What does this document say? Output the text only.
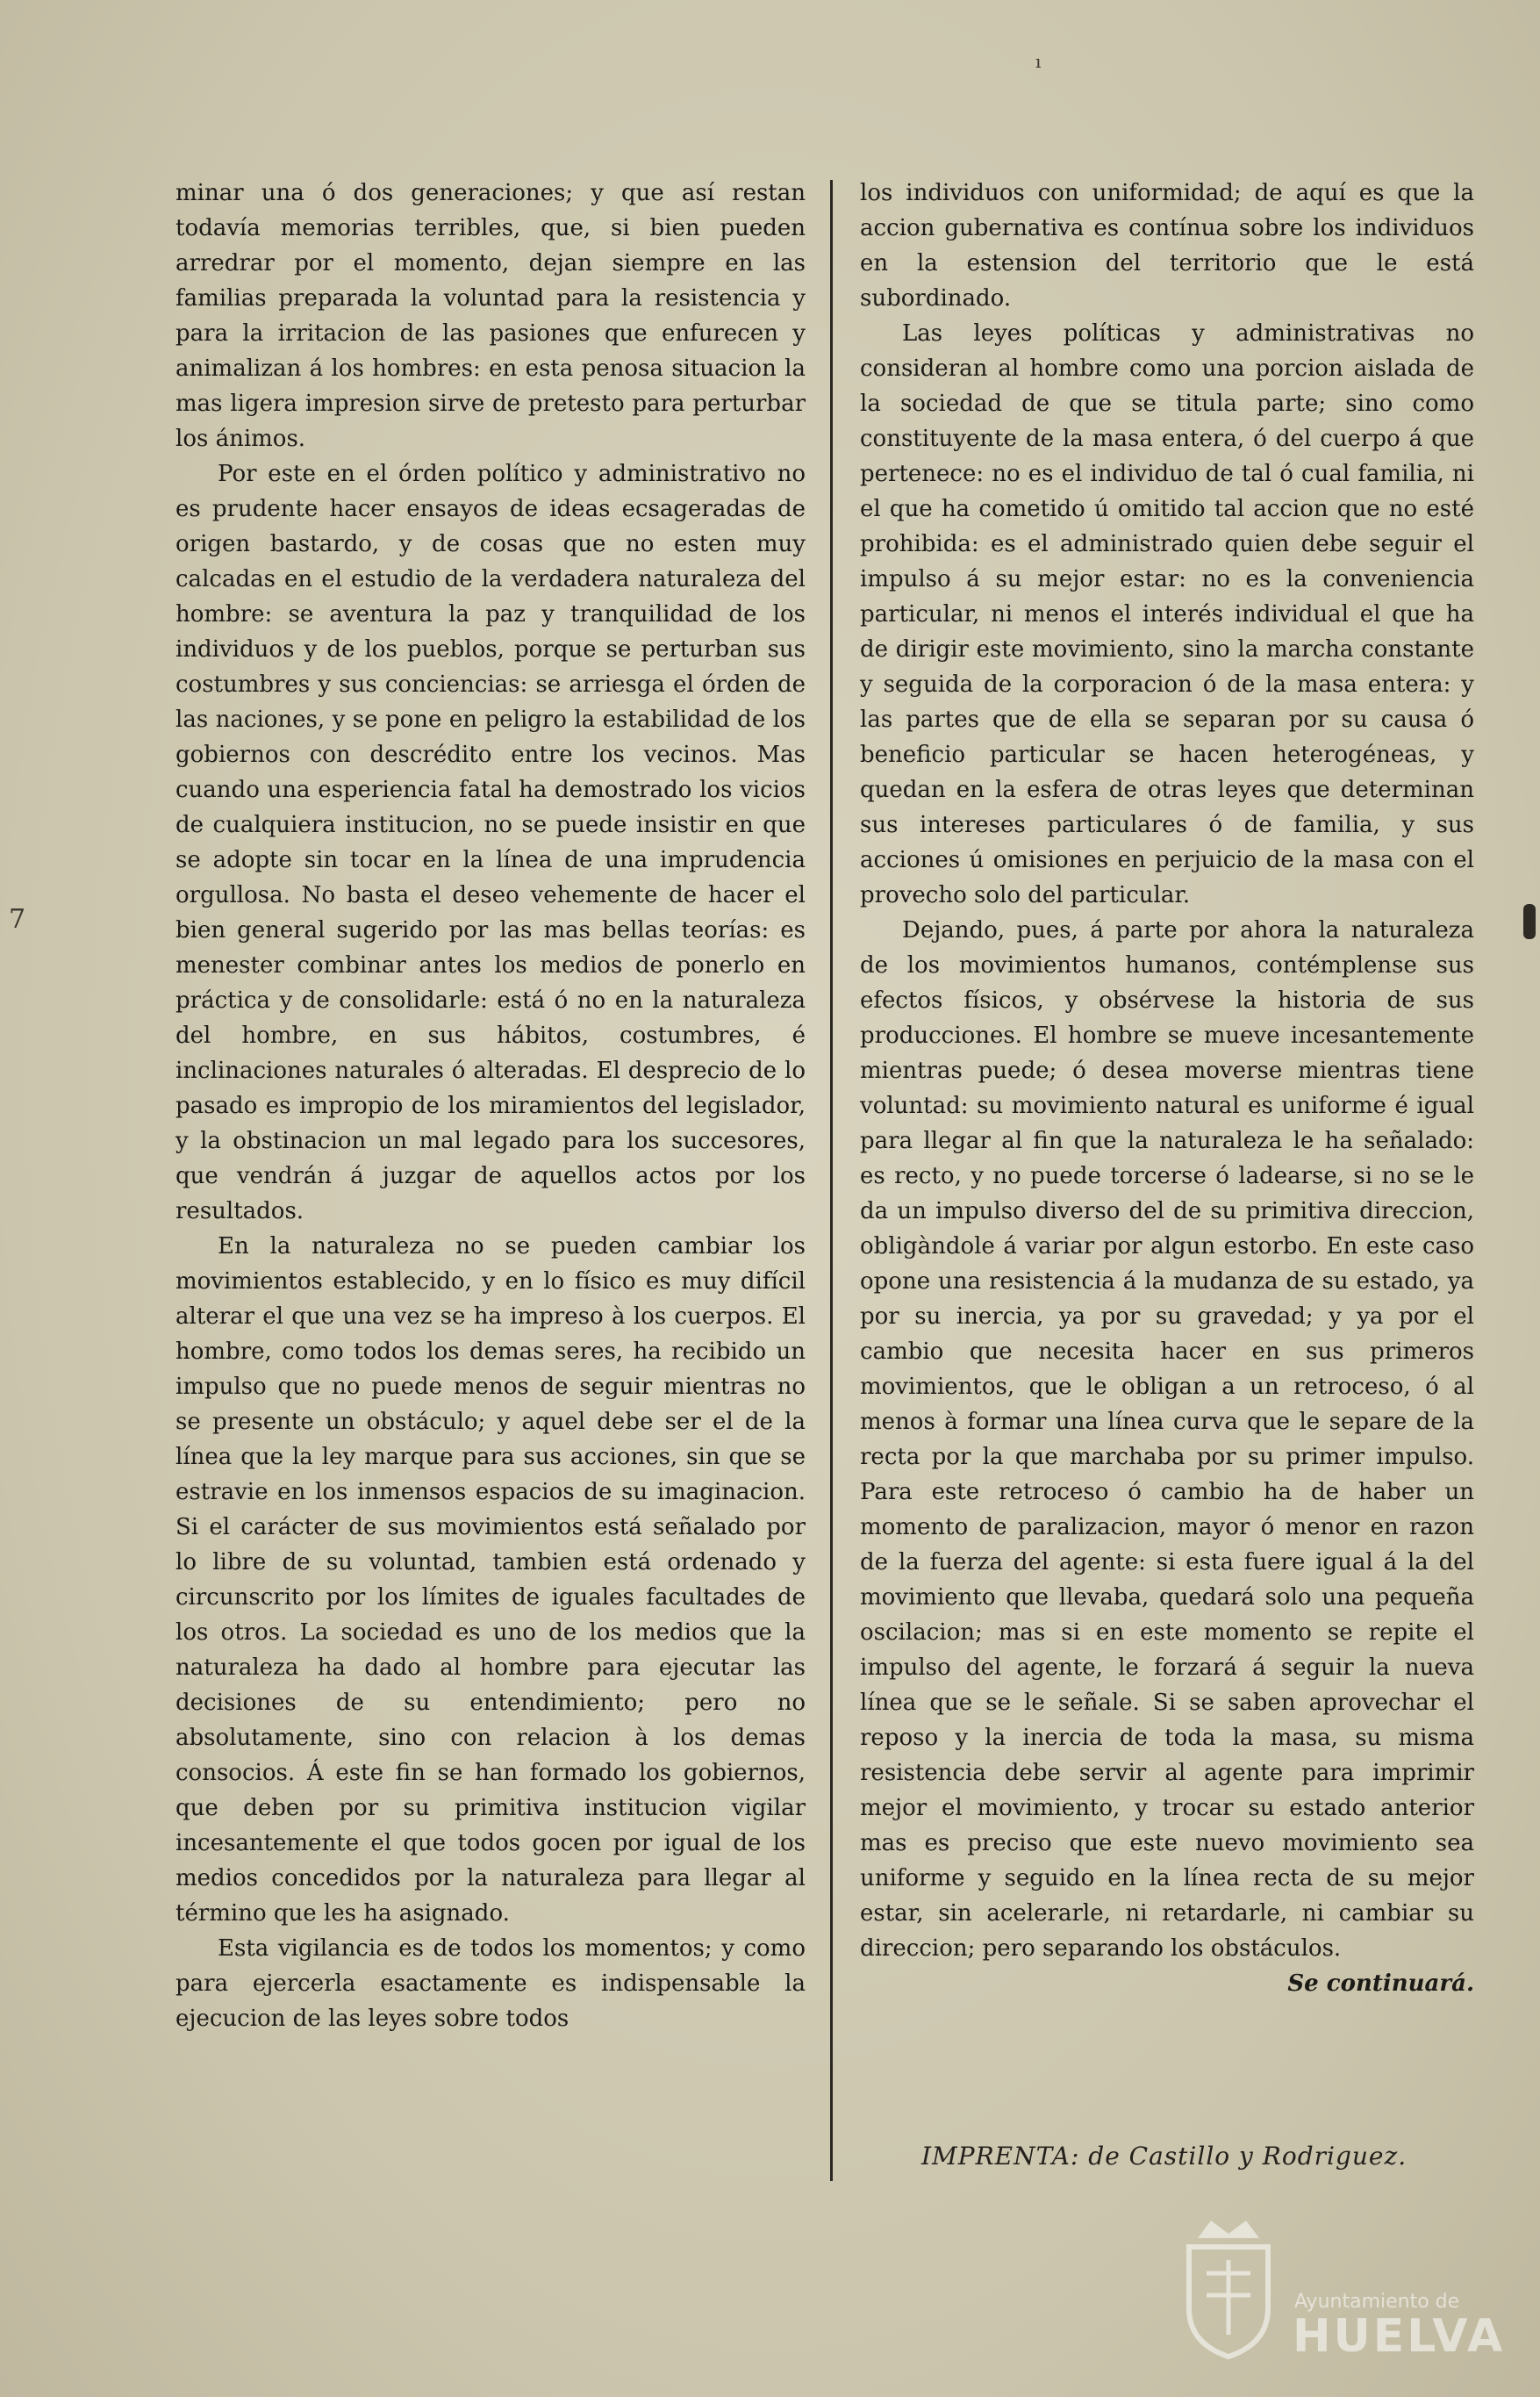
ı
7

minar una ó dos generaciones; y que así restan todavía memorias terribles, que, si bien pueden arredrar por el momento, dejan siempre en las familias preparada la voluntad para la resistencia y para la irritacion de las pasiones que enfurecen y animalizan á los hombres: en esta penosa situacion la mas ligera impresion sirve de pretesto para perturbar los ánimos.

Por este en el órden político y administrativo no es prudente hacer ensayos de ideas ecsageradas de origen bastardo, y de cosas que no esten muy calcadas en el estudio de la verdadera naturaleza del hombre: se aventura la paz y tranquilidad de los individuos y de los pueblos, porque se perturban sus costumbres y sus conciencias: se arriesga el órden de las naciones, y se pone en peligro la estabilidad de los gobiernos con descrédito entre los vecinos. Mas cuando una esperiencia fatal ha demostrado los vicios de cualquiera institucion, no se puede insistir en que se adopte sin tocar en la línea de una imprudencia orgullosa. No basta el deseo vehemente de hacer el bien general sugerido por las mas bellas teorías: es menester combinar antes los medios de ponerlo en práctica y de consolidarle: está ó no en la naturaleza del hombre, en sus hábitos, costumbres, é inclinaciones naturales ó alteradas. El desprecio de lo pasado es impropio de los miramientos del legislador, y la obstinacion un mal legado para los succesores, que vendrán á juzgar de aquellos actos por los resultados.

En la naturaleza no se pueden cambiar los movimientos establecido, y en lo físico es muy difícil alterar el que una vez se ha impreso à los cuerpos. El hombre, como todos los demas seres, ha recibido un impulso que no puede menos de seguir mientras no se presente un obstáculo; y aquel debe ser el de la línea que la ley marque para sus acciones, sin que se estravie en los inmensos espacios de su imaginacion. Si el carácter de sus movimientos está señalado por lo libre de su voluntad, tambien está ordenado y circunscrito por los límites de iguales facultades de los otros. La sociedad es uno de los medios que la naturaleza ha dado al hombre para ejecutar las decisiones de su entendimiento; pero no absolutamente, sino con relacion à los demas consocios. Á este fin se han formado los gobiernos, que deben por su primitiva institucion vigilar incesantemente el que todos gocen por igual de los medios concedidos por la naturaleza para llegar al término que les ha asignado.

Esta vigilancia es de todos los momentos; y como para ejercerla esactamente es indispensable la ejecucion de las leyes sobre todos

los individuos con uniformidad; de aquí es que la accion gubernativa es contínua sobre los individuos en la estension del territorio que le está subordinado.

Las leyes políticas y administrativas no consideran al hombre como una porcion aislada de la sociedad de que se titula parte; sino como constituyente de la masa entera, ó del cuerpo á que pertenece: no es el individuo de tal ó cual familia, ni el que ha cometido ú omitido tal accion que no esté prohibida: es el administrado quien debe seguir el impulso á su mejor estar: no es la conveniencia particular, ni menos el interés individual el que ha de dirigir este movimiento, sino la marcha constante y seguida de la corporacion ó de la masa entera: y las partes que de ella se separan por su causa ó beneficio particular se hacen heterogéneas, y quedan en la esfera de otras leyes que determinan sus intereses particulares ó de familia, y sus acciones ú omisiones en perjuicio de la masa con el provecho solo del particular.

Dejando, pues, á parte por ahora la naturaleza de los movimientos humanos, contémplense sus efectos físicos, y obsérvese la historia de sus producciones. El hombre se mueve incesantemente mientras puede; ó desea moverse mientras tiene voluntad: su movimiento natural es uniforme é igual para llegar al fin que la naturaleza le ha señalado: es recto, y no puede torcerse ó ladearse, si no se le da un impulso diverso del de su primitiva direccion, obligàndole á variar por algun estorbo. En este caso opone una resistencia á la mudanza de su estado, ya por su inercia, ya por su gravedad; y ya por el cambio que necesita hacer en sus primeros movimientos, que le obligan a un retroceso, ó al menos à formar una línea curva que le separe de la recta por la que marchaba por su primer impulso. Para este retroceso ó cambio ha de haber un momento de paralizacion, mayor ó menor en razon de la fuerza del agente: si esta fuere igual á la del movimiento que llevaba, quedará solo una pequeña oscilacion; mas si en este momento se repite el impulso del agente, le forzará á seguir la nueva línea que se le señale. Si se saben aprovechar el reposo y la inercia de toda la masa, su misma resistencia debe servir al agente para imprimir mejor el movimiento, y trocar su estado anterior mas es preciso que este nuevo movimiento sea uniforme y seguido en la línea recta de su mejor estar, sin acelerarle, ni retardarle, ni cambiar su direccion; pero separando los obstáculos.

Se continuará.

IMPRENTA: de Castillo y Rodriguez.
Ayuntamiento de
HUELVA
